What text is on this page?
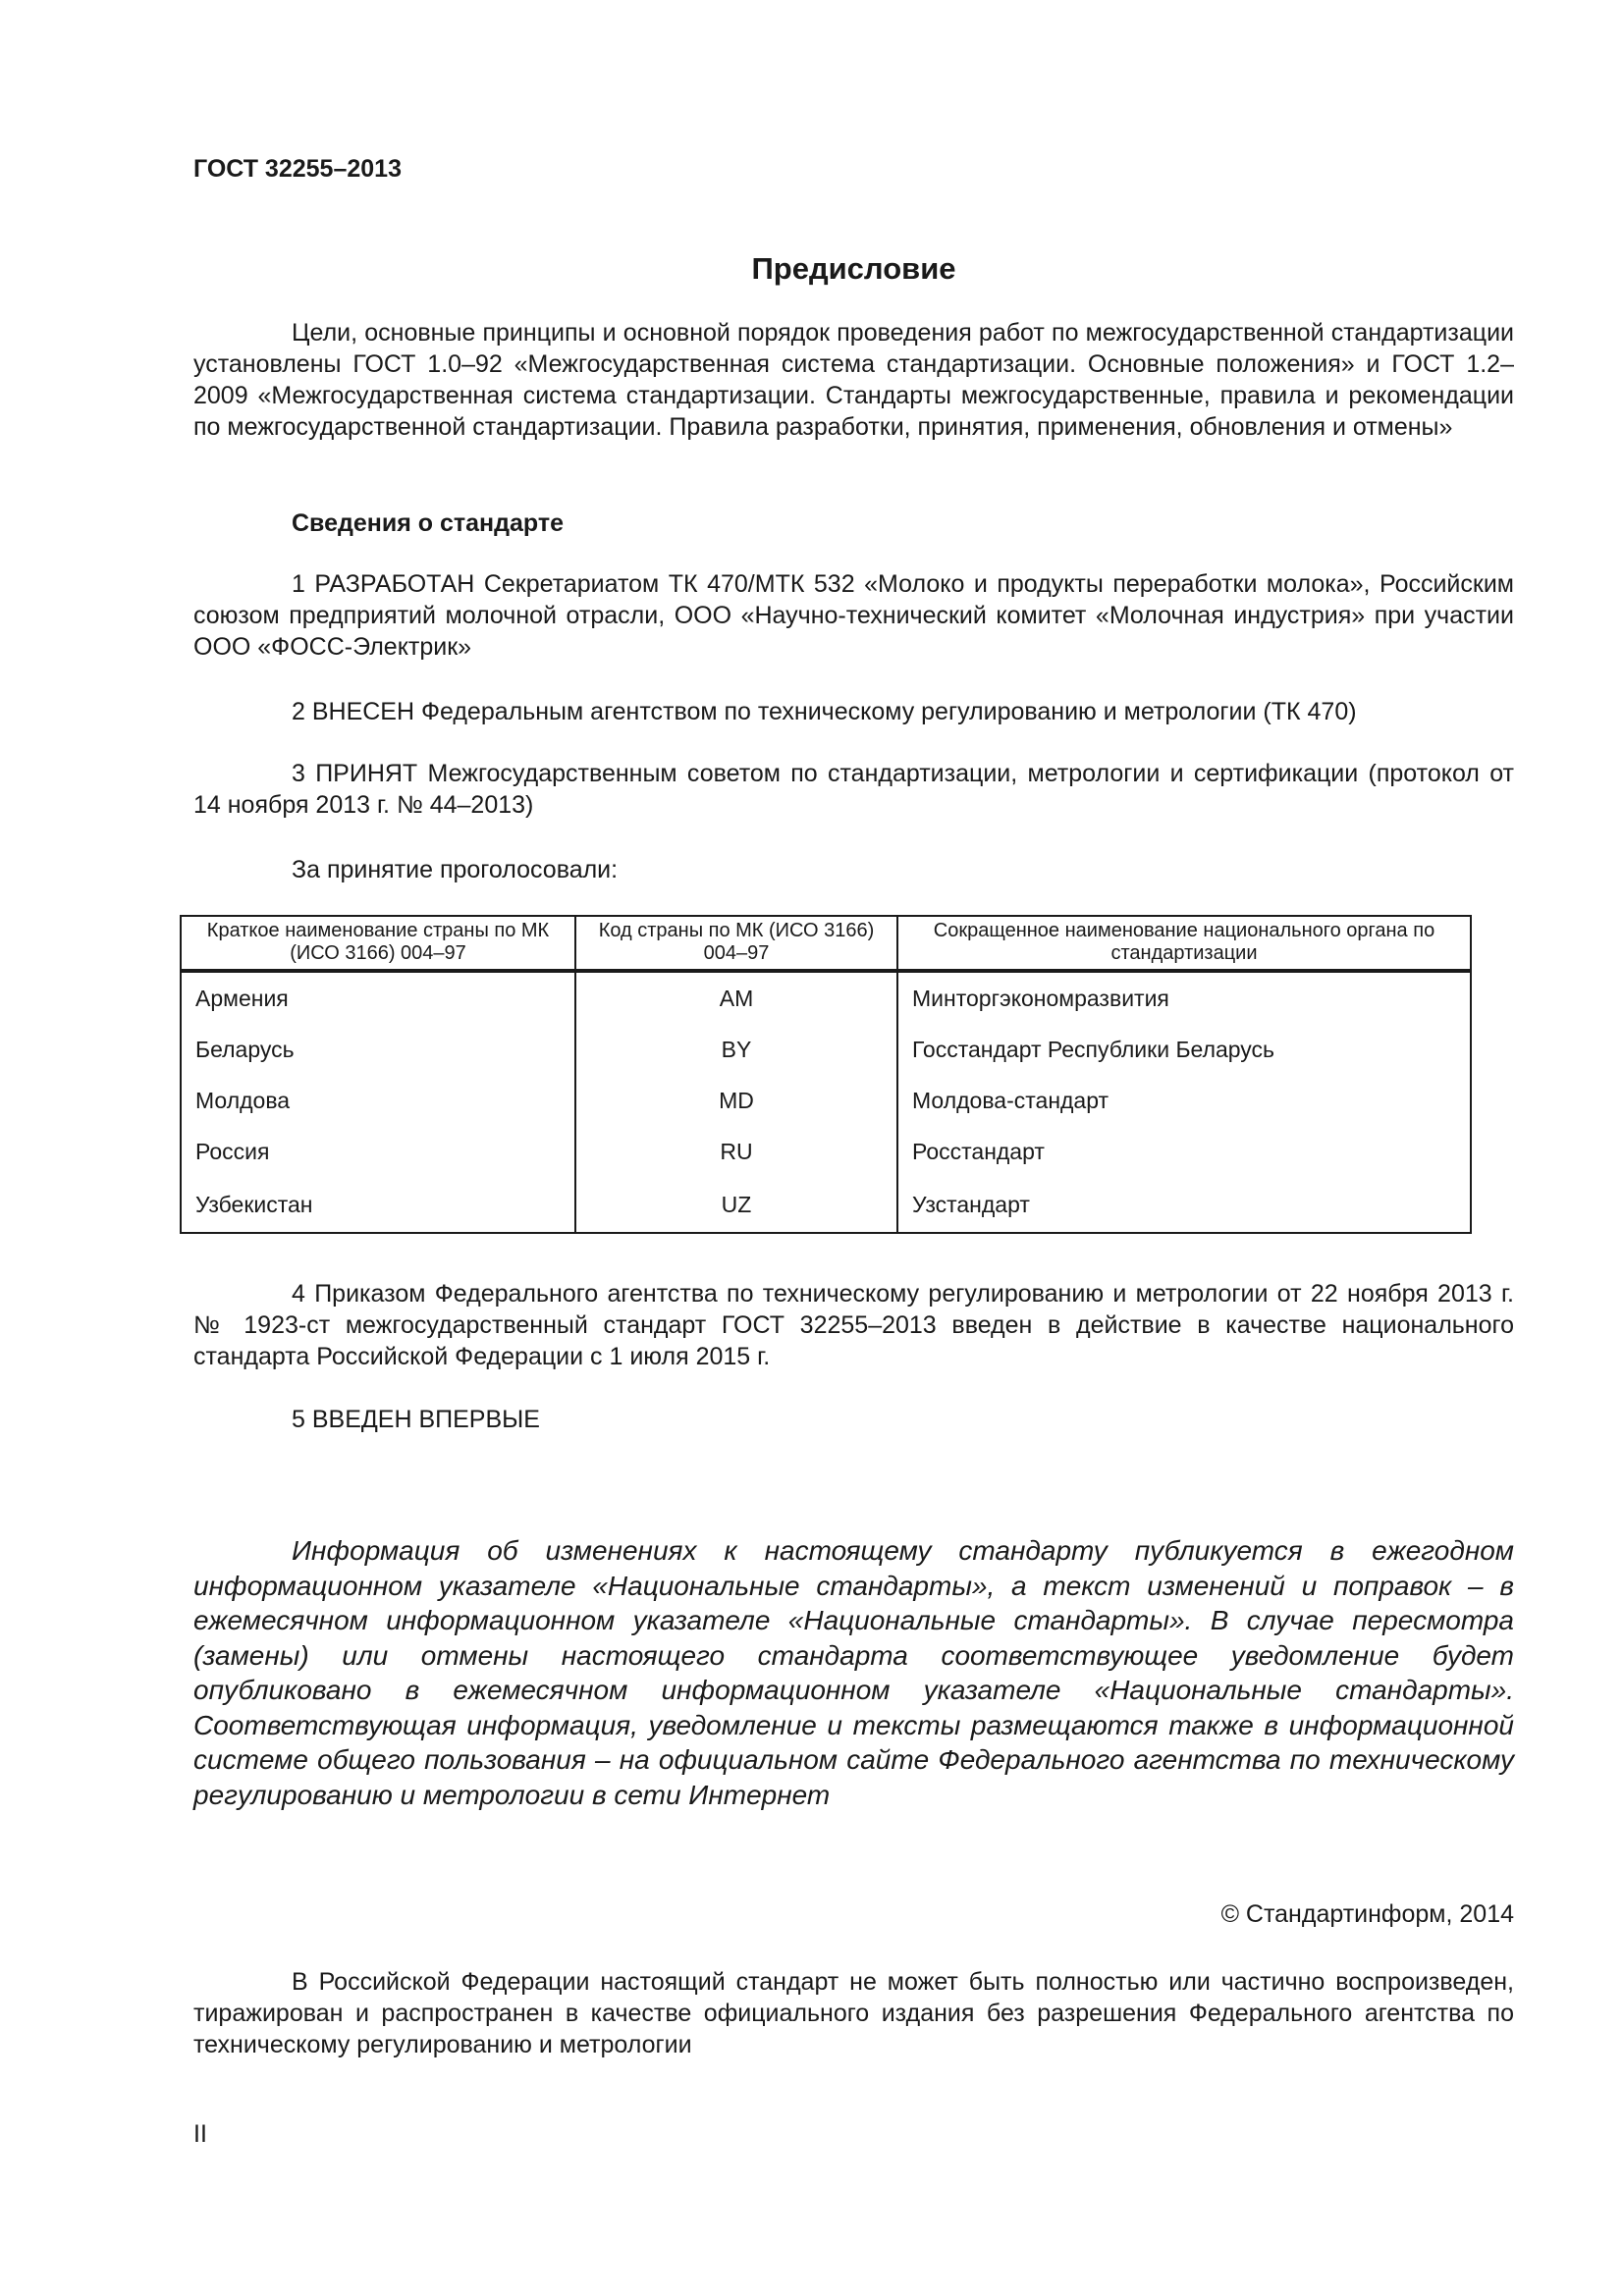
ГОСТ 32255–2013
Предисловие

Цели, основные принципы и основной порядок проведения работ по межгосударственной стандартизации установлены ГОСТ 1.0–92 «Межгосударственная система стандартизации. Основные положения» и ГОСТ 1.2–2009 «Межгосударственная система стандартизации. Стандарты межгосударственные, правила и рекомендации по межгосударственной стандартизации. Правила разработки, принятия, применения, обновления и отмены»

Сведения о стандарте

1 РАЗРАБОТАН Секретариатом ТК 470/МТК 532 «Молоко и продукты переработки молока», Российским союзом предприятий молочной отрасли, ООО «Научно-технический комитет «Молочная индустрия» при участии ООО «ФОСС-Электрик»

2 ВНЕСЕН Федеральным агентством по техническому регулированию и метрологии (ТК 470)

3 ПРИНЯТ Межгосударственным советом по стандартизации, метрологии и сертификации (протокол от 14 ноября 2013 г. № 44–2013)

За принятие проголосовали:

Краткое наименование страны по МК (ИСО 3166) 004–97	Код страны по МК (ИСО 3166) 004–97	Сокращенное наименование национального органа по стандартизации
Армения	AM	Минторгэкономразвития
Беларусь	BY	Госстандарт Республики Беларусь
Молдова	MD	Молдова-стандарт
Россия	RU	Росстандарт
Узбекистан	UZ	Узстандарт

4 Приказом Федерального агентства по техническому регулированию и метрологии от 22 ноября 2013 г. № 1923-ст межгосударственный стандарт ГОСТ 32255–2013 введен в действие в качестве национального стандарта Российской Федерации с 1 июля 2015 г.

5 ВВЕДЕН ВПЕРВЫЕ

Информация об изменениях к настоящему стандарту публикуется в ежегодном информационном указателе «Национальные стандарты», а текст изменений и поправок – в ежемесячном информационном указателе «Национальные стандарты». В случае пересмотра (замены) или отмены настоящего стандарта соответствующее уведомление будет опубликовано в ежемесячном информационном указателе «Национальные стандарты». Соответствующая информация, уведомление и тексты размещаются также в информационной системе общего пользования – на официальном сайте Федерального агентства по техническому регулированию и метрологии в сети Интернет

© Стандартинформ, 2014

В Российской Федерации настоящий стандарт не может быть полностью или частично воспроизведен, тиражирован и распространен в качестве официального издания без разрешения Федерального агентства по техническому регулированию и метрологии

II
